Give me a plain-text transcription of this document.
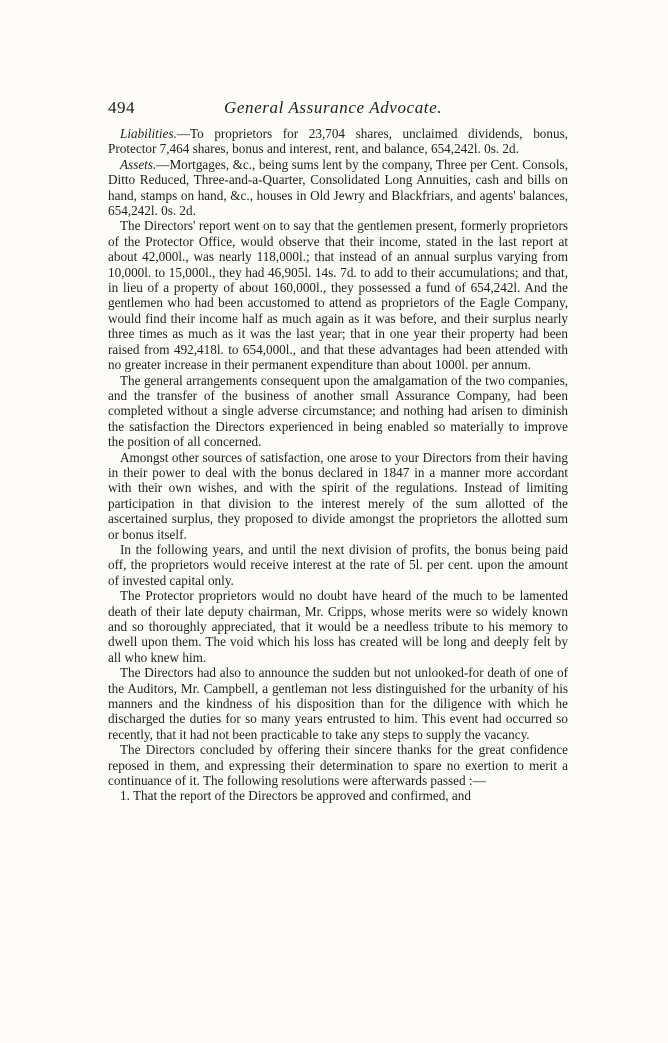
494	General Assurance Advocate.

Liabilities.—To proprietors for 23,704 shares, unclaimed dividends, bonus, Protector 7,464 shares, bonus and interest, rent, and balance, 654,242l. 0s. 2d.

Assets.—Mortgages, &c., being sums lent by the company, Three per Cent. Consols, Ditto Reduced, Three-and-a-Quarter, Consolidated Long Annuities, cash and bills on hand, stamps on hand, &c., houses in Old Jewry and Blackfriars, and agents' balances, 654,242l. 0s. 2d.

The Directors' report went on to say that the gentlemen present, formerly proprietors of the Protector Office, would observe that their income, stated in the last report at about 42,000l., was nearly 118,000l.; that instead of an annual surplus varying from 10,000l. to 15,000l., they had 46,905l. 14s. 7d. to add to their accumulations; and that, in lieu of a property of about 160,000l., they possessed a fund of 654,242l. And the gentlemen who had been accustomed to attend as proprietors of the Eagle Company, would find their income half as much again as it was before, and their surplus nearly three times as much as it was the last year; that in one year their property had been raised from 492,418l. to 654,000l., and that these advantages had been attended with no greater increase in their permanent expenditure than about 1000l. per annum.

The general arrangements consequent upon the amalgamation of the two companies, and the transfer of the business of another small Assurance Company, had been completed without a single adverse circumstance; and nothing had arisen to diminish the satisfaction the Directors experienced in being enabled so materially to improve the position of all concerned.

Amongst other sources of satisfaction, one arose to your Directors from their having in their power to deal with the bonus declared in 1847 in a manner more accordant with their own wishes, and with the spirit of the regulations. Instead of limiting participation in that division to the interest merely of the sum allotted of the ascertained surplus, they proposed to divide amongst the proprietors the allotted sum or bonus itself.

In the following years, and until the next division of profits, the bonus being paid off, the proprietors would receive interest at the rate of 5l. per cent. upon the amount of invested capital only.

The Protector proprietors would no doubt have heard of the much to be lamented death of their late deputy chairman, Mr. Cripps, whose merits were so widely known and so thoroughly appreciated, that it would be a needless tribute to his memory to dwell upon them. The void which his loss has created will be long and deeply felt by all who knew him.

The Directors had also to announce the sudden but not unlooked-for death of one of the Auditors, Mr. Campbell, a gentleman not less distinguished for the urbanity of his manners and the kindness of his disposition than for the diligence with which he discharged the duties for so many years entrusted to him. This event had occurred so recently, that it had not been practicable to take any steps to supply the vacancy.

The Directors concluded by offering their sincere thanks for the great confidence reposed in them, and expressing their determination to spare no exertion to merit a continuance of it. The following resolutions were afterwards passed :—

1. That the report of the Directors be approved and confirmed, and
